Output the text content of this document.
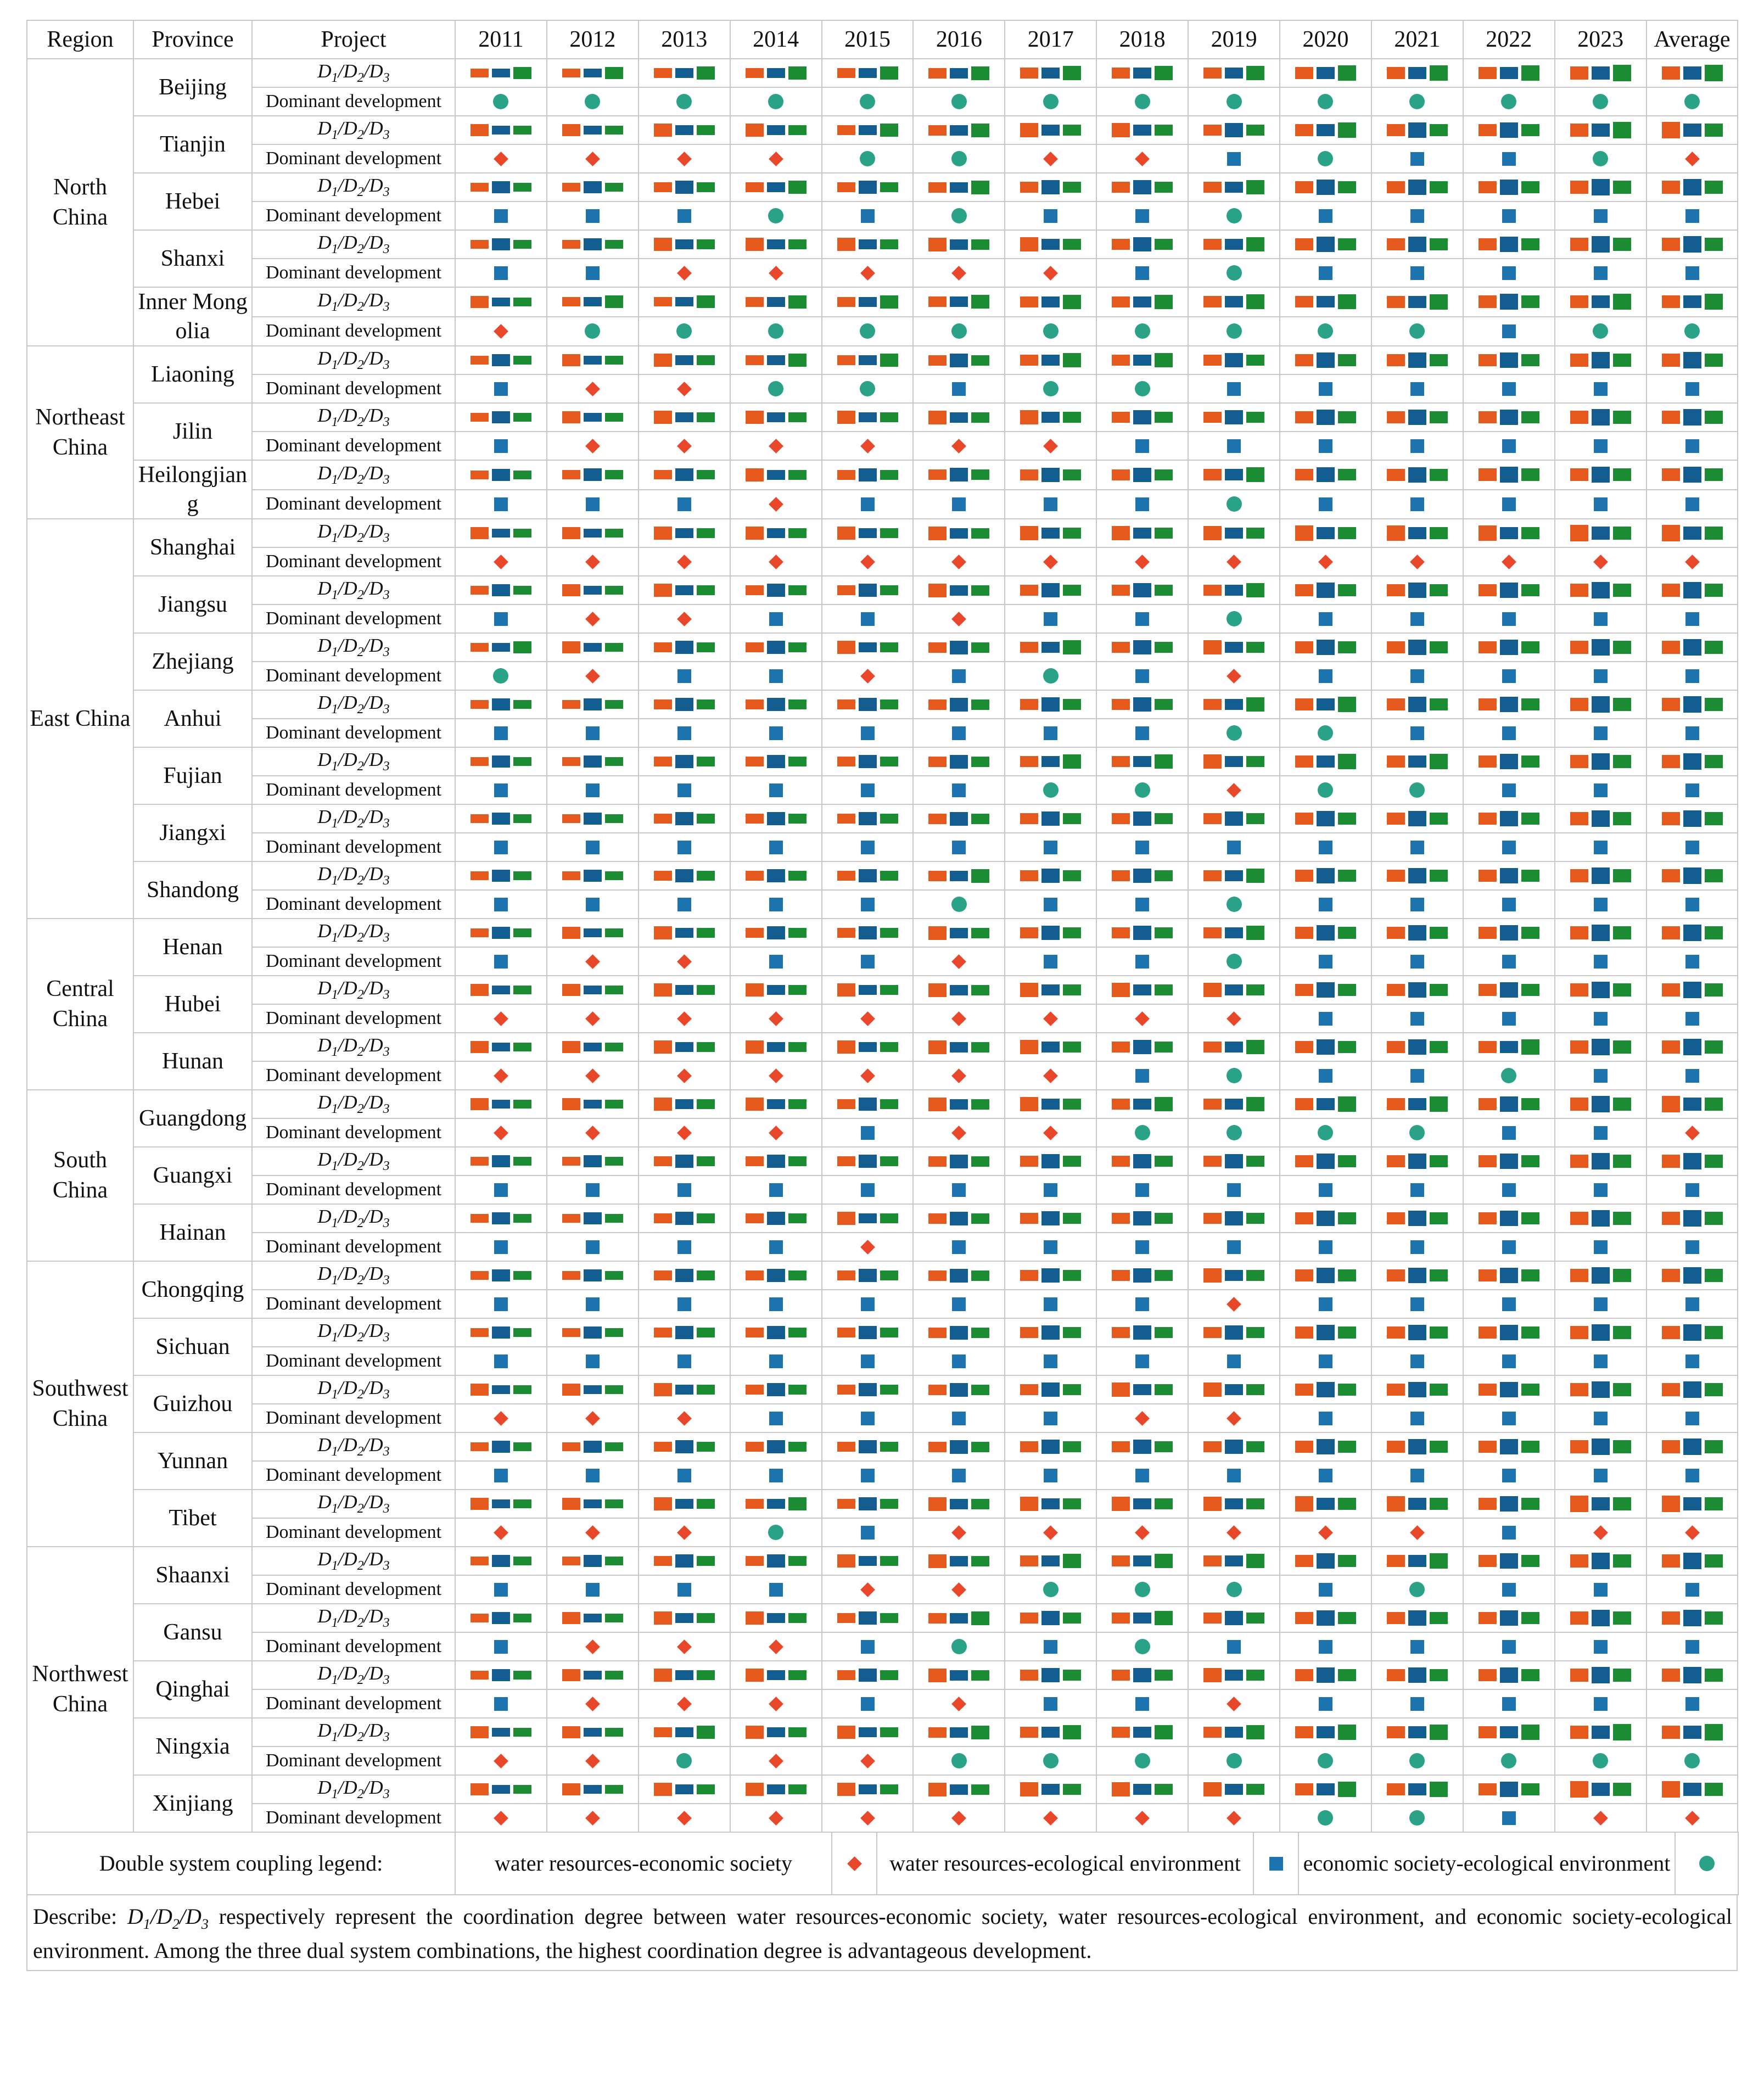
Region	Province	Project	2011	2012	2013	2014	2015	2016	2017	2018	2019	2020	2021	2022	2023	Average
North China	Beijing	$D_1/D_2/D_3$	

		Dominant development	

	Tianjin	$D_1/D_2/D_3$	

		Dominant development	

	Hebei	$D_1/D_2/D_3$	

		Dominant development	

	Shanxi	$D_1/D_2/D_3$	

		Dominant development	

	Inner Mongolia	$D_1/D_2/D_3$	

		Dominant development	

Northeast China	Liaoning	$D_1/D_2/D_3$	

		Dominant development	

	Jilin	$D_1/D_2/D_3$	

		Dominant development	

	Heilongjiang	$D_1/D_2/D_3$	

		Dominant development	

East China	Shanghai	$D_1/D_2/D_3$	

		Dominant development	

	Jiangsu	$D_1/D_2/D_3$	

		Dominant development	

	Zhejiang	$D_1/D_2/D_3$	

		Dominant development	

	Anhui	$D_1/D_2/D_3$	

		Dominant development	

	Fujian	$D_1/D_2/D_3$	

		Dominant development	

	Jiangxi	$D_1/D_2/D_3$	

		Dominant development	

	Shandong	$D_1/D_2/D_3$	

		Dominant development	

Central China	Henan	$D_1/D_2/D_3$	

		Dominant development	

	Hubei	$D_1/D_2/D_3$	

		Dominant development	

	Hunan	$D_1/D_2/D_3$	

		Dominant development	

South China	Guangdong	$D_1/D_2/D_3$	

		Dominant development	

	Guangxi	$D_1/D_2/D_3$	

		Dominant development	

	Hainan	$D_1/D_2/D_3$	

		Dominant development	

Southwest China	Chongqing	$D_1/D_2/D_3$	

		Dominant development	

	Sichuan	$D_1/D_2/D_3$	

		Dominant development	

	Guizhou	$D_1/D_2/D_3$	

		Dominant development	

	Yunnan	$D_1/D_2/D_3$	

		Dominant development	

	Tibet	$D_1/D_2/D_3$	

		Dominant development	

Northwest China	Shaanxi	$D_1/D_2/D_3$	

		Dominant development	

	Gansu	$D_1/D_2/D_3$	

		Dominant development	

	Qinghai	$D_1/D_2/D_3$	

		Dominant development	

	Ningxia	$D_1/D_2/D_3$	

		Dominant development	

	Xinjiang	$D_1/D_2/D_3$	

		Dominant development	

Double system coupling legend:	water resources-economic society		water resources-ecological environment		economic society-ecological environment	
Describe: $D_1/D_2/D_3$ respectively represent the coordination degree between water resources-economic society, water resources-ecological environment, and economic society-ecological environment. Among the three dual system combinations, the highest coordination degree is advantageous development.
